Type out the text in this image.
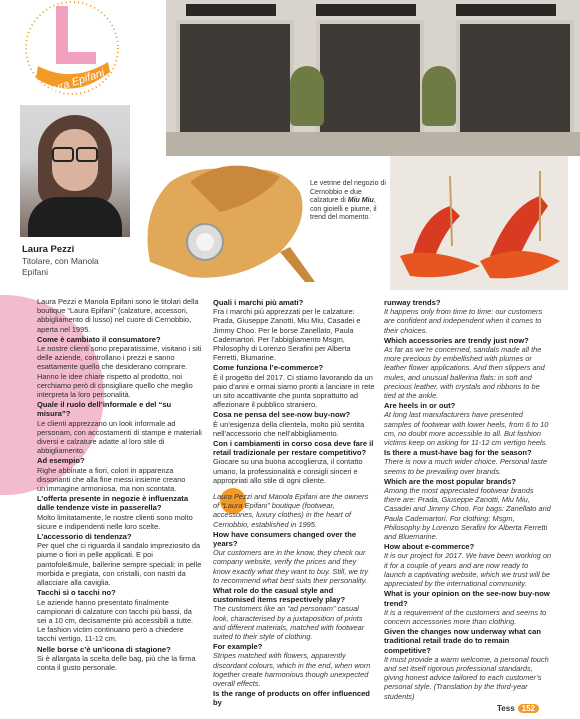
Laura Epifani
Laura Pezzi
Titolare, con Manola Epifani
Le vetrine del negozio di Cernobbio e due calzature di Miu Miu, con gioielli e piume, il trend del momento.

Laura Pezzi e Manola Epifani sono le titolari della boutique “Laura Epifani” (calzature, accessori, abbigliamento di lusso) nel cuore di Cernobbio, aperta nel 1995.

Come è cambiato il consumatore?

Le nostre clienti sono preparatissime, visitano i siti delle aziende, controllano i prezzi e sanno esattamente quello che desiderano comprare. Hanno le idee chiare rispetto al prodotto, noi cerchiamo però di consigliare quello che meglio interpreta la loro personalità.

Quale il ruolo dell’informale e del “su misura”?

Le clienti apprezzano un look informale ad personam, con accostamenti di stampe e materiali diversi e calzature adatte al loro stile di abbigliamento.

Ad esempio?

Righe abbinate a fiori, colori in apparenza dissonanti che alla fine messi insieme creano un’immagine armoniosa, ma non scontata.

L’offerta presente in negozie è influenzata dalle tendenze viste in passerella?

Molto limitatamente, le nostre clienti sono molto sicure e indipendenti nelle loro scelte.

L’accessorio di tendenza?

Per quel che ci riguarda il sandalo impreziosito da piume o fiori in pelle applicati. E poi pantofole&mule, ballerine sempre speciali: in pelle morbida e pregiata, con cristalli, con nastri da allacciare alla caviglia.

Tacchi sì o tacchi no?

Le aziende hanno presentato finalmente campionari di calzature con tacchi più bassi, da sei a 10 cm, decisamente più accessibili a tutte. Le fashion victim continuano però a chiedere tacchi vertigo, 11-12 cm.

Nelle borse c’è un’icona di stagione?

Si è allargata la scelta delle bag, più che la firma conta il gusto personale.

Quali i marchi più amati?

Fra i marchi più apprezzati per le calzature: Prada, Giuseppe Zanotti, Miu Miu, Casadei e Jimmy Choo. Per le borse Zanellato, Paula Cademartori. Per l’abbigliamento Msgm, Philosophy di Lorenzo Serafini per Alberta Ferretti, Blumarine.

Come funziona l’e-commerce?

È il progetto del 2017. Ci stiamo lavorando da un paio d’anni e ormai siamo pronti a lanciare in rete un sito accattivante che punta soprattutto ad affezionare il pubblico straniero.

Cosa ne pensa del see-now buy-now?

È un’esigenza della clientela, molto più sentita nell’accessorio che nell’abbigliamento.

Con i cambiamenti in corso cosa deve fare il retail tradizionale per restare competitivo?

Giocare su una buona accoglienza, il contatto umano, la professionalità e consigli sinceri e appropriati allo stile di ogni cliente.

Laura Pezzi and Manola Epifani are the owners of “Laura Epifani” boutique (footwear, accessories, luxury clothes) in the heart of Cernobbio, established in 1995.

How have consumers changed over the years?

Our customers are in the know, they check our company website, verify the prices and they know exactly what they want to buy. Still, we try to recommend what best suits their personality.

What role do the casual style and customised items respectively play?

The customers like an “ad personam” casual look, characterised by a juxtaposition of prints and different materials, matched with footwear suited to their style of clothing.

For example?

Stripes matched with flowers, apparently discordant colours, which in the end, when worn together create harmonious though unexpected overall effects.

Is the range of products on offer influenced by

runway trends?

It happens only from time to time: our customers are confident and independent when it comes to their choices.

Which accessories are trendy just now?

As far as we’re concerned, sandals made all the more precious by embellished with plumes or leather flower applications. And then slippers and mules, and unusual ballerina flats: in soft and precious leather, with crystals and ribbons to be tied at the ankle.

Are heels in or out?

At long last manufacturers have presented samples of footwear with lower heels, from 6 to 10 cm, no doubt more accessible to all. But fashion victims keep on asking for 11-12 cm vertigo heels.

Is there a must-have bag for the season?

There is now a much wider choice. Personal taste seems to be prevailing over brands.

Which are the most popular brands?

Among the most appreciated footwear brands there are: Prada, Giuseppe Zanotti, Miu Miu, Casadei and Jimmy Choo. For bags: Zanellato and Paula Cademartori. For clothing: Msgm, Philosophy by Lorenzo Serafini for Alberta Ferretti and Bluemarine.

How about e-commerce?

It is our project for 2017. We have been working on it for a couple of years and are now ready to launch a captivating website, which we trust will be appreciated by the international community.

What is your opinion on the see-now buy-now trend?

It is a requirement of the customers and seems to concern accessories more than clothing.

Given the changes now underway what can traditional retail trade do to remain competitive?

It must provide a warm welcome, a personal touch and set itself rigorous professional standards, giving honest advice tailored to each customer’s personal style. (Translation by the third-year students)

Tess 152
